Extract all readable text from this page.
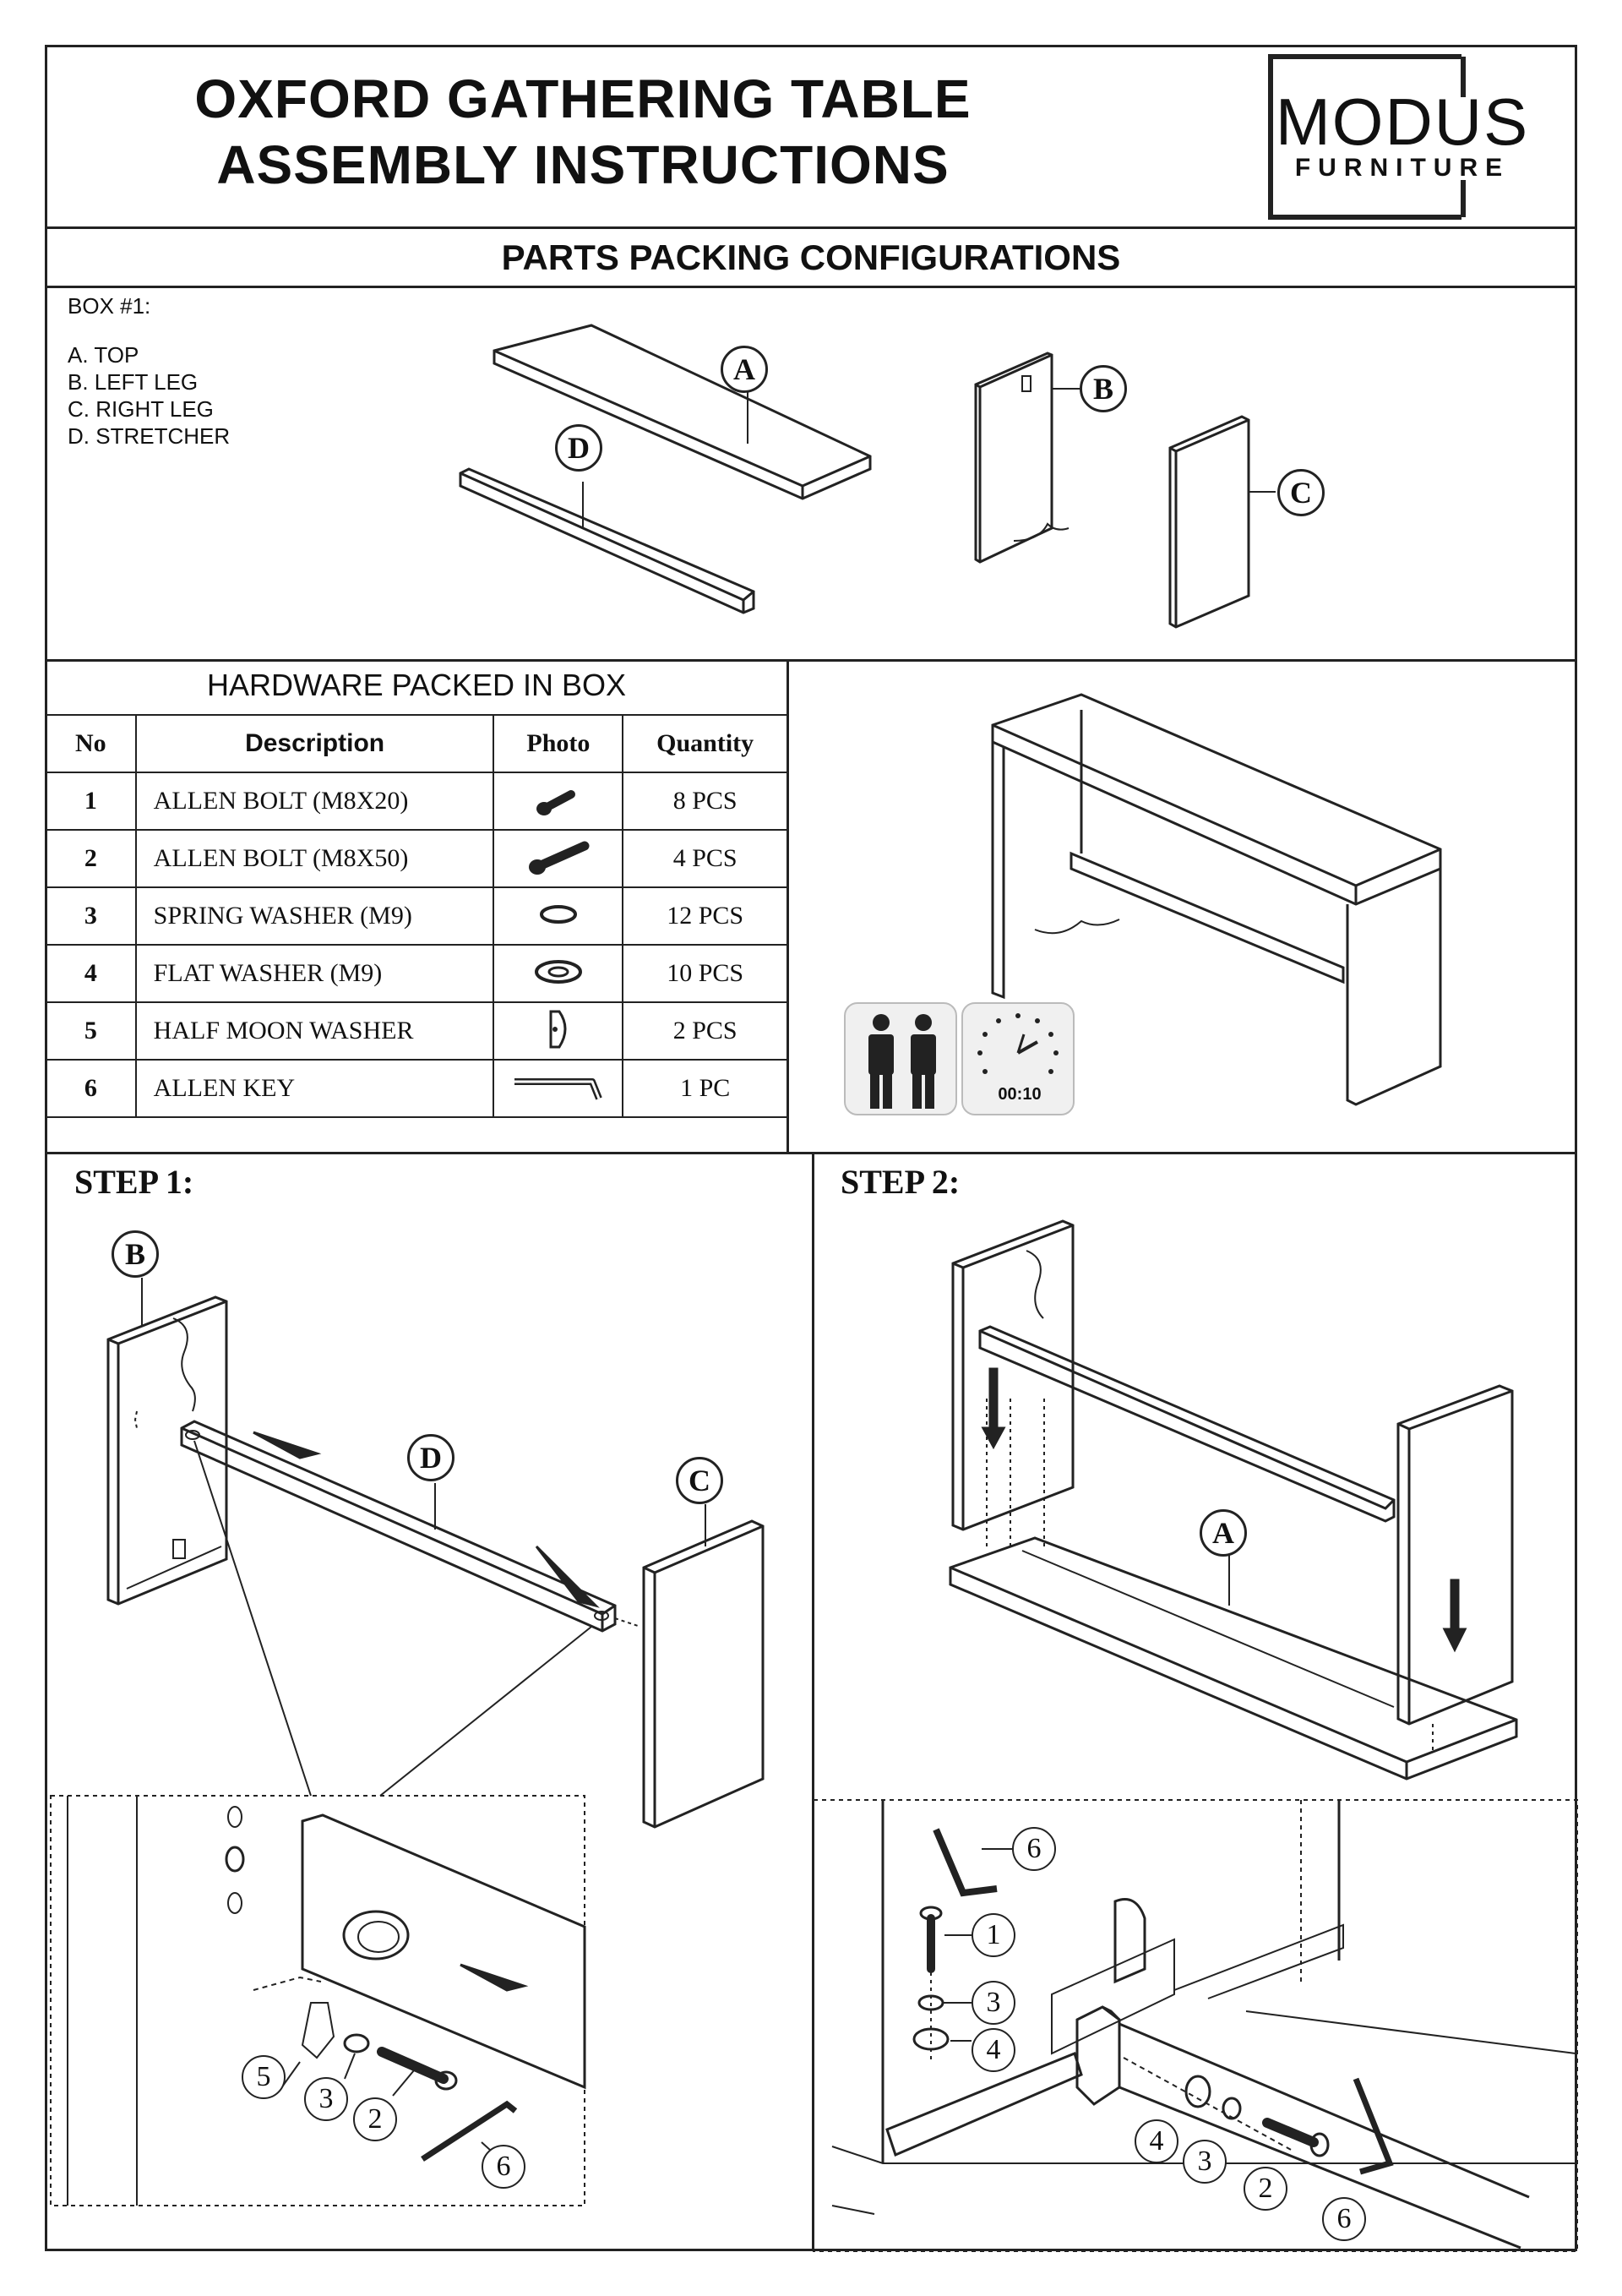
OXFORD GATHERING TABLE
ASSEMBLY INSTRUCTIONS
MODUS
FURNITURE
PARTS PACKING CONFIGURATIONS
BOX #1:
A. TOP
B. LEFT LEG
C. RIGHT LEG
D. STRETCHER
A
D
B
C
HARDWARE PACKED IN BOX
No	Description	Photo	Quantity
1	ALLEN BOLT (M8X20)		8 PCS
2	ALLEN BOLT (M8X50)		4 PCS
3	SPRING WASHER (M9)		12 PCS
4	FLAT WASHER (M9)		10 PCS
5	HALF MOON WASHER		2 PCS
6	ALLEN KEY		1 PC	00:10
STEP 1:
B
D
C
5
3
2
6
STEP 2:
A
6
1
3
4
4
3
2
6
